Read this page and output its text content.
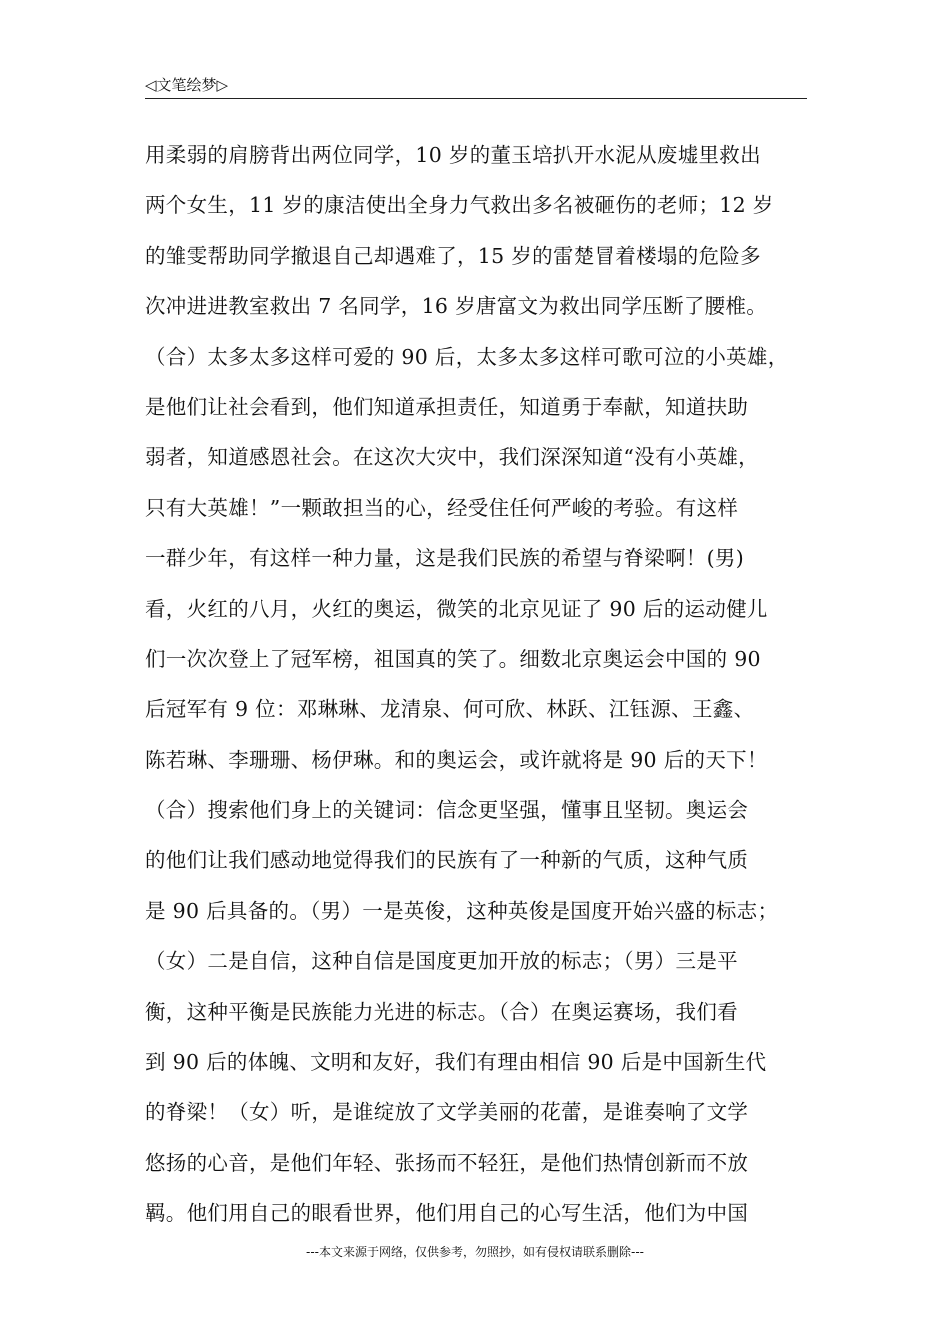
◁文笔绘梦▷
用柔弱的肩膀背出两位同学，10 岁的董玉培扒开水泥从废墟里救出
两个女生，11 岁的康洁使出全身力气救出多名被砸伤的老师；12 岁
的雏雯帮助同学撤退自己却遇难了，15 岁的雷楚冒着楼塌的危险多
次冲进进教室救出 7 名同学，16 岁唐富文为救出同学压断了腰椎。
（合）太多太多这样可爱的 90 后，太多太多这样可歌可泣的小英雄，
是他们让社会看到，他们知道承担责任，知道勇于奉献，知道扶助
弱者，知道感恩社会。在这次大灾中，我们深深知道“没有小英雄，
只有大英雄！”一颗敢担当的心，经受住任何严峻的考验。有这样
一群少年，有这样一种力量，这是我们民族的希望与脊梁啊！(男)
看，火红的八月，火红的奥运，微笑的北京见证了 90 后的运动健儿
们一次次登上了冠军榜，祖国真的笑了。细数北京奥运会中国的 90
后冠军有 9 位：邓琳琳、龙清泉、何可欣、林跃、江钰源、王鑫、
陈若琳、李珊珊、杨伊琳。和的奥运会，或许就将是 90 后的天下！
（合）搜索他们身上的关键词：信念更坚强，懂事且坚韧。奥运会
的他们让我们感动地觉得我们的民族有了一种新的气质，这种气质
是 90 后具备的。（男）一是英俊，这种英俊是国度开始兴盛的标志；
（女）二是自信，这种自信是国度更加开放的标志；（男）三是平
衡，这种平衡是民族能力光进的标志。（合）在奥运赛场，我们看
到 90 后的体魄、文明和友好，我们有理由相信 90 后是中国新生代
的脊梁！（女）听，是谁绽放了文学美丽的花蕾，是谁奏响了文学
悠扬的心音，是他们年轻、张扬而不轻狂，是他们热情创新而不放
羁。他们用自己的眼看世界，他们用自己的心写生活，他们为中国
---本文来源于网络，仅供参考，勿照抄，如有侵权请联系删除---
